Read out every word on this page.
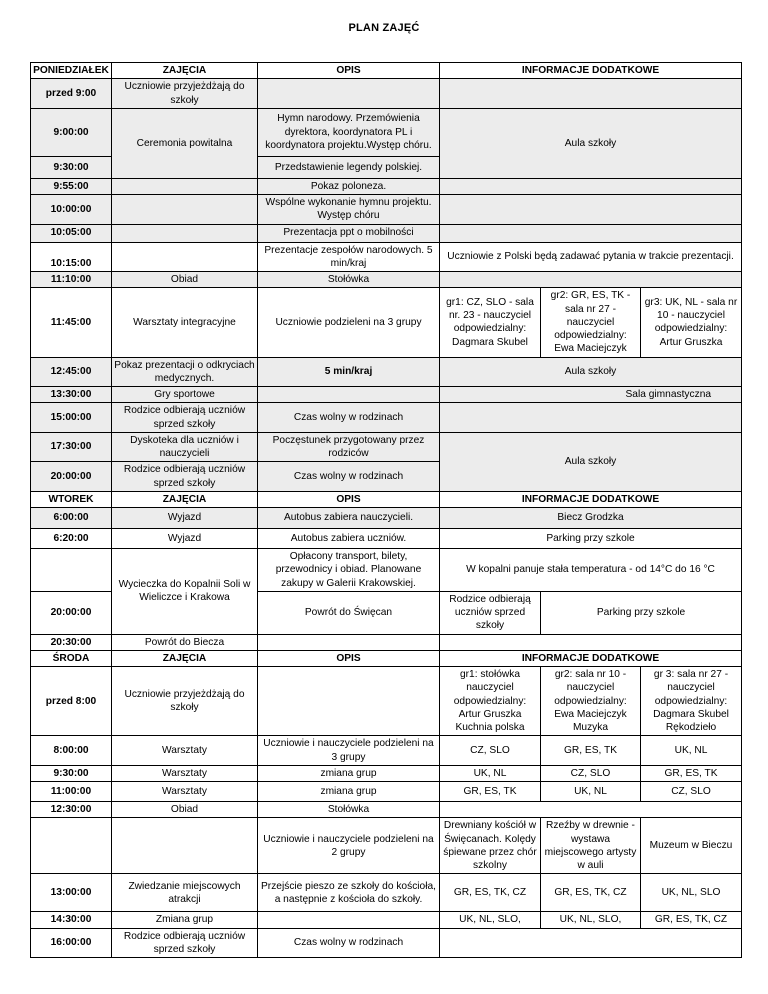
PLAN ZAJĘĆ
PONIEDZIAŁEK	ZAJĘCIA	OPIS	INFORMACJE DODATKOWE		
przed 9:00	Uczniowie przyjeżdżają do szkoły				
9:00:00	Ceremonia powitalna	Hymn narodowy. Przemówienia dyrektora, koordynatora PL i koordynatora projektu.Występ chóru.	Aula szkoły		
9:30:00		Przedstawienie legendy polskiej.			
9:55:00		Pokaz poloneza.			
10:00:00		Wspólne wykonanie hymnu projektu. Występ chóru			
10:05:00		Prezentacja ppt o mobilności			
10:15:00		Prezentacje zespołów narodowych. 5 min/kraj	Uczniowie z Polski będą zadawać pytania w trakcie prezentacji.		
11:10:00	Obiad	Stołówka			
11:45:00	Warsztaty integracyjne	Uczniowie podzieleni na 3 grupy	gr1: CZ, SLO - sala nr. 23 - nauczyciel odpowiedzialny: Dagmara Skubel	gr2: GR, ES, TK - sala nr 27 - nauczyciel odpowiedzialny: Ewa Maciejczyk	gr3: UK, NL - sala nr 10 - nauczyciel odpowiedzialny: Artur Gruszka
12:45:00	Pokaz prezentacji o odkryciach medycznych.	5 min/kraj	Aula szkoły		
13:30:00	Gry sportowe		Sala gimnastyczna		
15:00:00	Rodzice odbierają uczniów sprzed szkoły	Czas wolny w rodzinach			
17:30:00	Dyskoteka dla uczniów i nauczycieli	Poczęstunek przygotowany przez rodziców	Aula szkoły		
20:00:00	Rodzice odbierają uczniów sprzed szkoły	Czas wolny w rodzinach			
WTOREK	ZAJĘCIA	OPIS	INFORMACJE DODATKOWE		
6:00:00	Wyjazd	Autobus zabiera nauczycieli.	Biecz Grodzka		
6:20:00	Wyjazd	Autobus zabiera uczniów.	Parking przy szkole		
	Wycieczka do Kopalnii Soli w Wieliczce i Krakowa	Opłacony transport, bilety, przewodnicy i obiad. Planowane zakupy w Galerii Krakowskiej.	W kopalni panuje stała temperatura - od 14°C do 16 °C		
20:00:00		Powrót do Święcan	Rodzice odbierają uczniów sprzed szkoły	Parking przy szkole	
20:30:00	Powrót do Biecza				
ŚRODA	ZAJĘCIA	OPIS	INFORMACJE DODATKOWE		
przed 8:00	Uczniowie przyjeżdżają do szkoły		gr1: stołówka nauczyciel odpowiedzialny: Artur Gruszka Kuchnia polska	gr2: sala nr 10 - nauczyciel odpowiedzialny: Ewa Maciejczyk Muzyka	gr 3: sala nr 27 - nauczyciel odpowiedzialny: Dagmara Skubel Rękodzieło
8:00:00	Warsztaty	Uczniowie i nauczyciele podzieleni na 3 grupy	CZ, SLO	GR, ES, TK	UK, NL
9:30:00	Warsztaty	zmiana grup	UK, NL	CZ, SLO	GR, ES, TK
11:00:00	Warsztaty	zmiana grup	GR, ES, TK	UK, NL	CZ, SLO
12:30:00	Obiad	Stołówka			
		Uczniowie i nauczyciele podzieleni na 2 grupy	Drewniany kościół w Święcanach. Kolędy śpiewane przez chór szkolny	Rzeźby w drewnie - wystawa miejscowego artysty w auli	Muzeum w Bieczu
13:00:00	Zwiedzanie miejscowych atrakcji	Przejście pieszo ze szkoły do kościoła, a następnie z kościoła do szkoły.	GR, ES, TK, CZ	GR, ES, TK, CZ	UK, NL, SLO
14:30:00	Zmiana grup		UK, NL, SLO,	UK, NL, SLO,	GR, ES, TK, CZ
16:00:00	Rodzice odbierają uczniów sprzed szkoły	Czas wolny w rodzinach			
